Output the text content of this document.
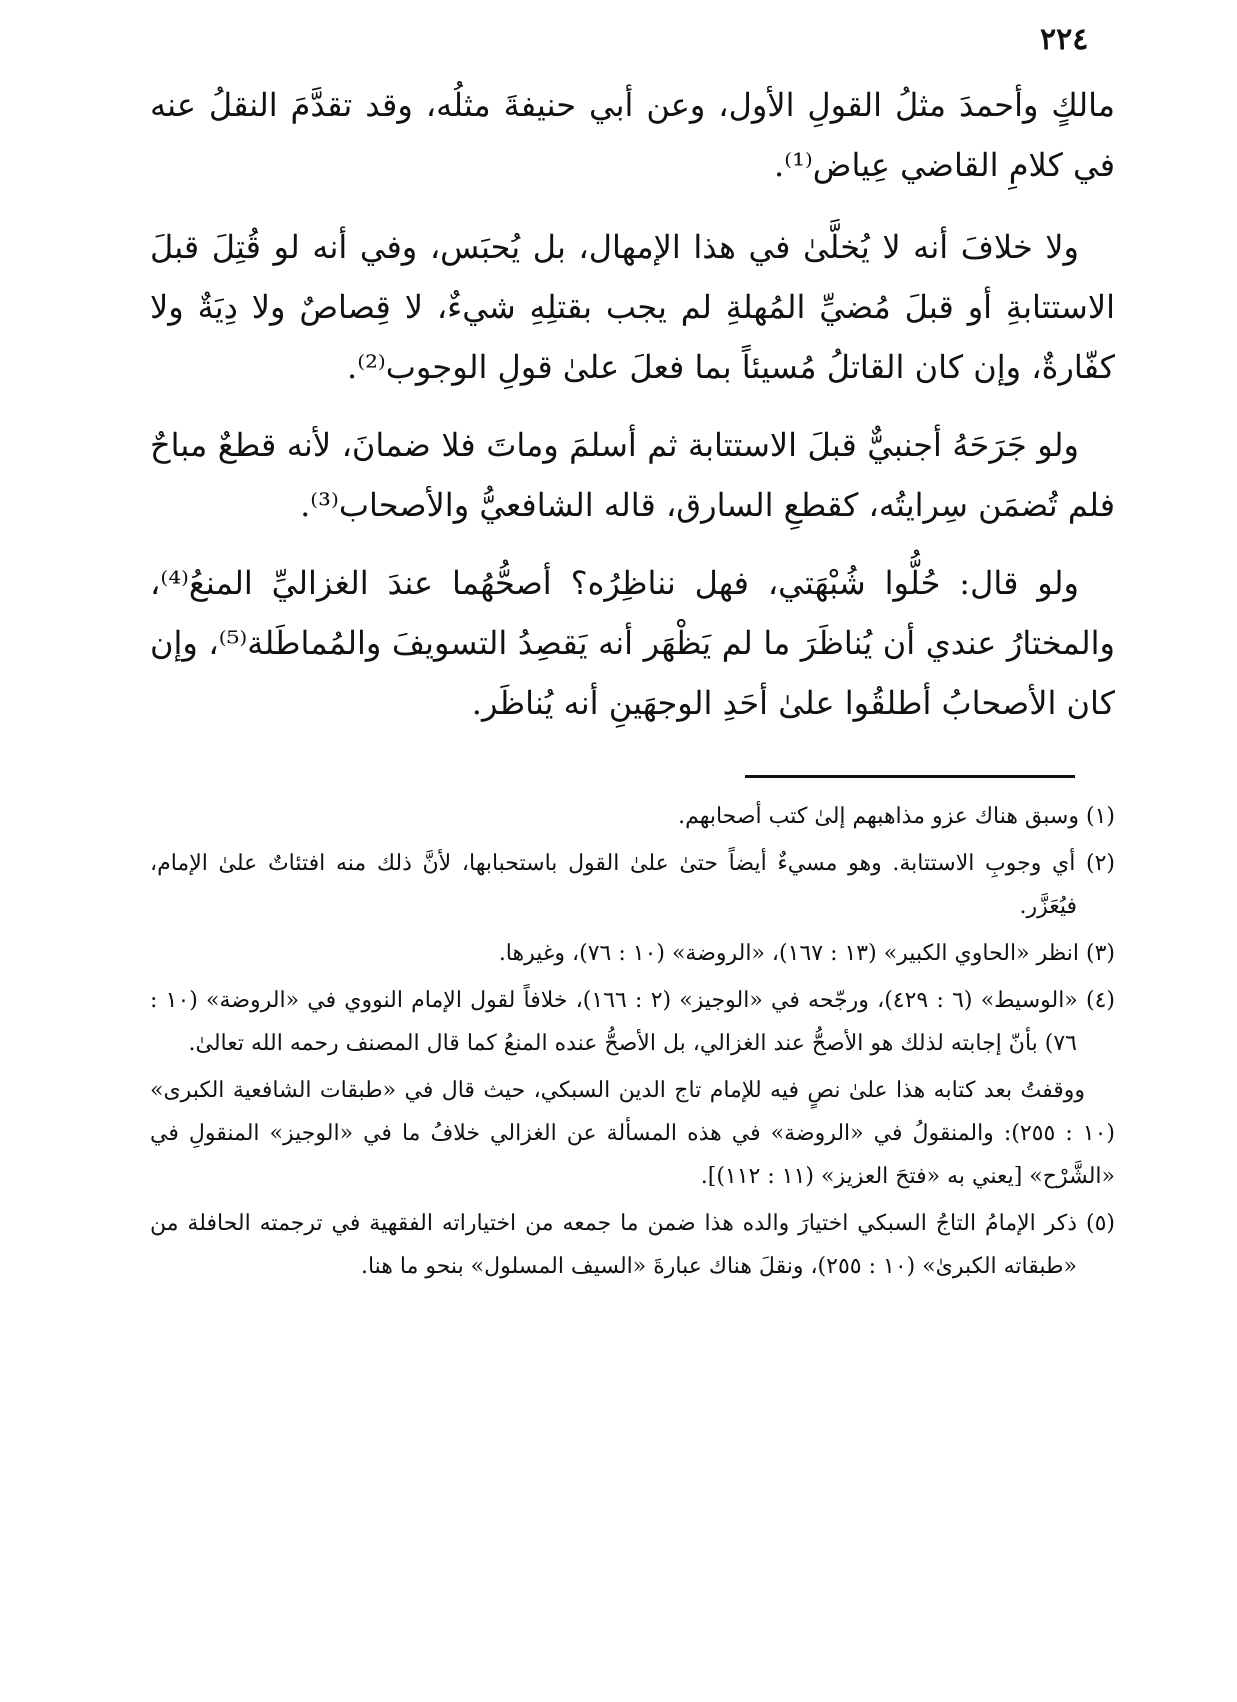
٢٢٤

مالكٍ وأحمدَ مثلُ القولِ الأول، وعن أبي حنيفةَ مثلُه، وقد تقدَّمَ النقلُ عنه في كلامِ القاضي عِياض⁽¹⁾.

ولا خلافَ أنه لا يُخلَّىٰ في هذا الإمهال، بل يُحبَس، وفي أنه لو قُتِلَ قبلَ الاستتابةِ أو قبلَ مُضيِّ المُهلةِ لم يجب بقتلِهِ شيءٌ، لا قِصاصٌ ولا دِيَةٌ ولا كفّارةٌ، وإن كان القاتلُ مُسيئاً بما فعلَ علىٰ قولِ الوجوب⁽²⁾.

ولو جَرَحَهُ أجنبيٌّ قبلَ الاستتابة ثم أسلمَ وماتَ فلا ضمانَ، لأنه قطعٌ مباحٌ فلم تُضمَن سِرايتُه، كقطعِ السارق، قاله الشافعيُّ والأصحاب⁽³⁾.

ولو قال: حُلُّوا شُبْهَتي، فهل نناظِرُه؟ أصحُّهُما عندَ الغزاليِّ المنعُ⁽⁴⁾، والمختارُ عندي أن يُناظَرَ ما لم يَظْهَر أنه يَقصِدُ التسويفَ والمُماطَلة⁽⁵⁾، وإن كان الأصحابُ أطلقُوا علىٰ أحَدِ الوجهَينِ أنه يُناظَر.

(١) وسبق هناك عزو مذاهبهم إلىٰ كتب أصحابهم.
(٢) أي وجوبِ الاستتابة. وهو مسيءٌ أيضاً حتىٰ علىٰ القول باستحبابها، لأنَّ ذلك منه افتئاتٌ علىٰ الإمام، فيُعَزَّر.
(٣) انظر «الحاوي الكبير» (١٣ : ١٦٧)، «الروضة» (١٠ : ٧٦)، وغيرها.
(٤) «الوسيط» (٦ : ٤٢٩)، ورجّحه في «الوجيز» (٢ : ١٦٦)، خلافاً لقول الإمام النووي في «الروضة» (١٠ : ٧٦) بأنّ إجابته لذلك هو الأصحُّ عند الغزالي، بل الأصحُّ عنده المنعُ كما قال المصنف رحمه الله تعالىٰ.
ووقفتُ بعد كتابه هذا علىٰ نصٍ فيه للإمام تاج الدين السبكي، حيث قال في «طبقات الشافعية الكبرى» (١٠ : ٢٥٥): والمنقولُ في «الروضة» في هذه المسألة عن الغزالي خلافُ ما في «الوجيز» المنقولِ في «الشَّرْح» [يعني به «فتحَ العزيز» (١١ : ١١٢)].
(٥) ذكر الإمامُ التاجُ السبكي اختيارَ والده هذا ضمن ما جمعه من اختياراته الفقهية في ترجمته الحافلة من «طبقاته الكبرىٰ» (١٠ : ٢٥٥)، ونقلَ هناك عبارةَ «السيف المسلول» بنحو ما هنا.
